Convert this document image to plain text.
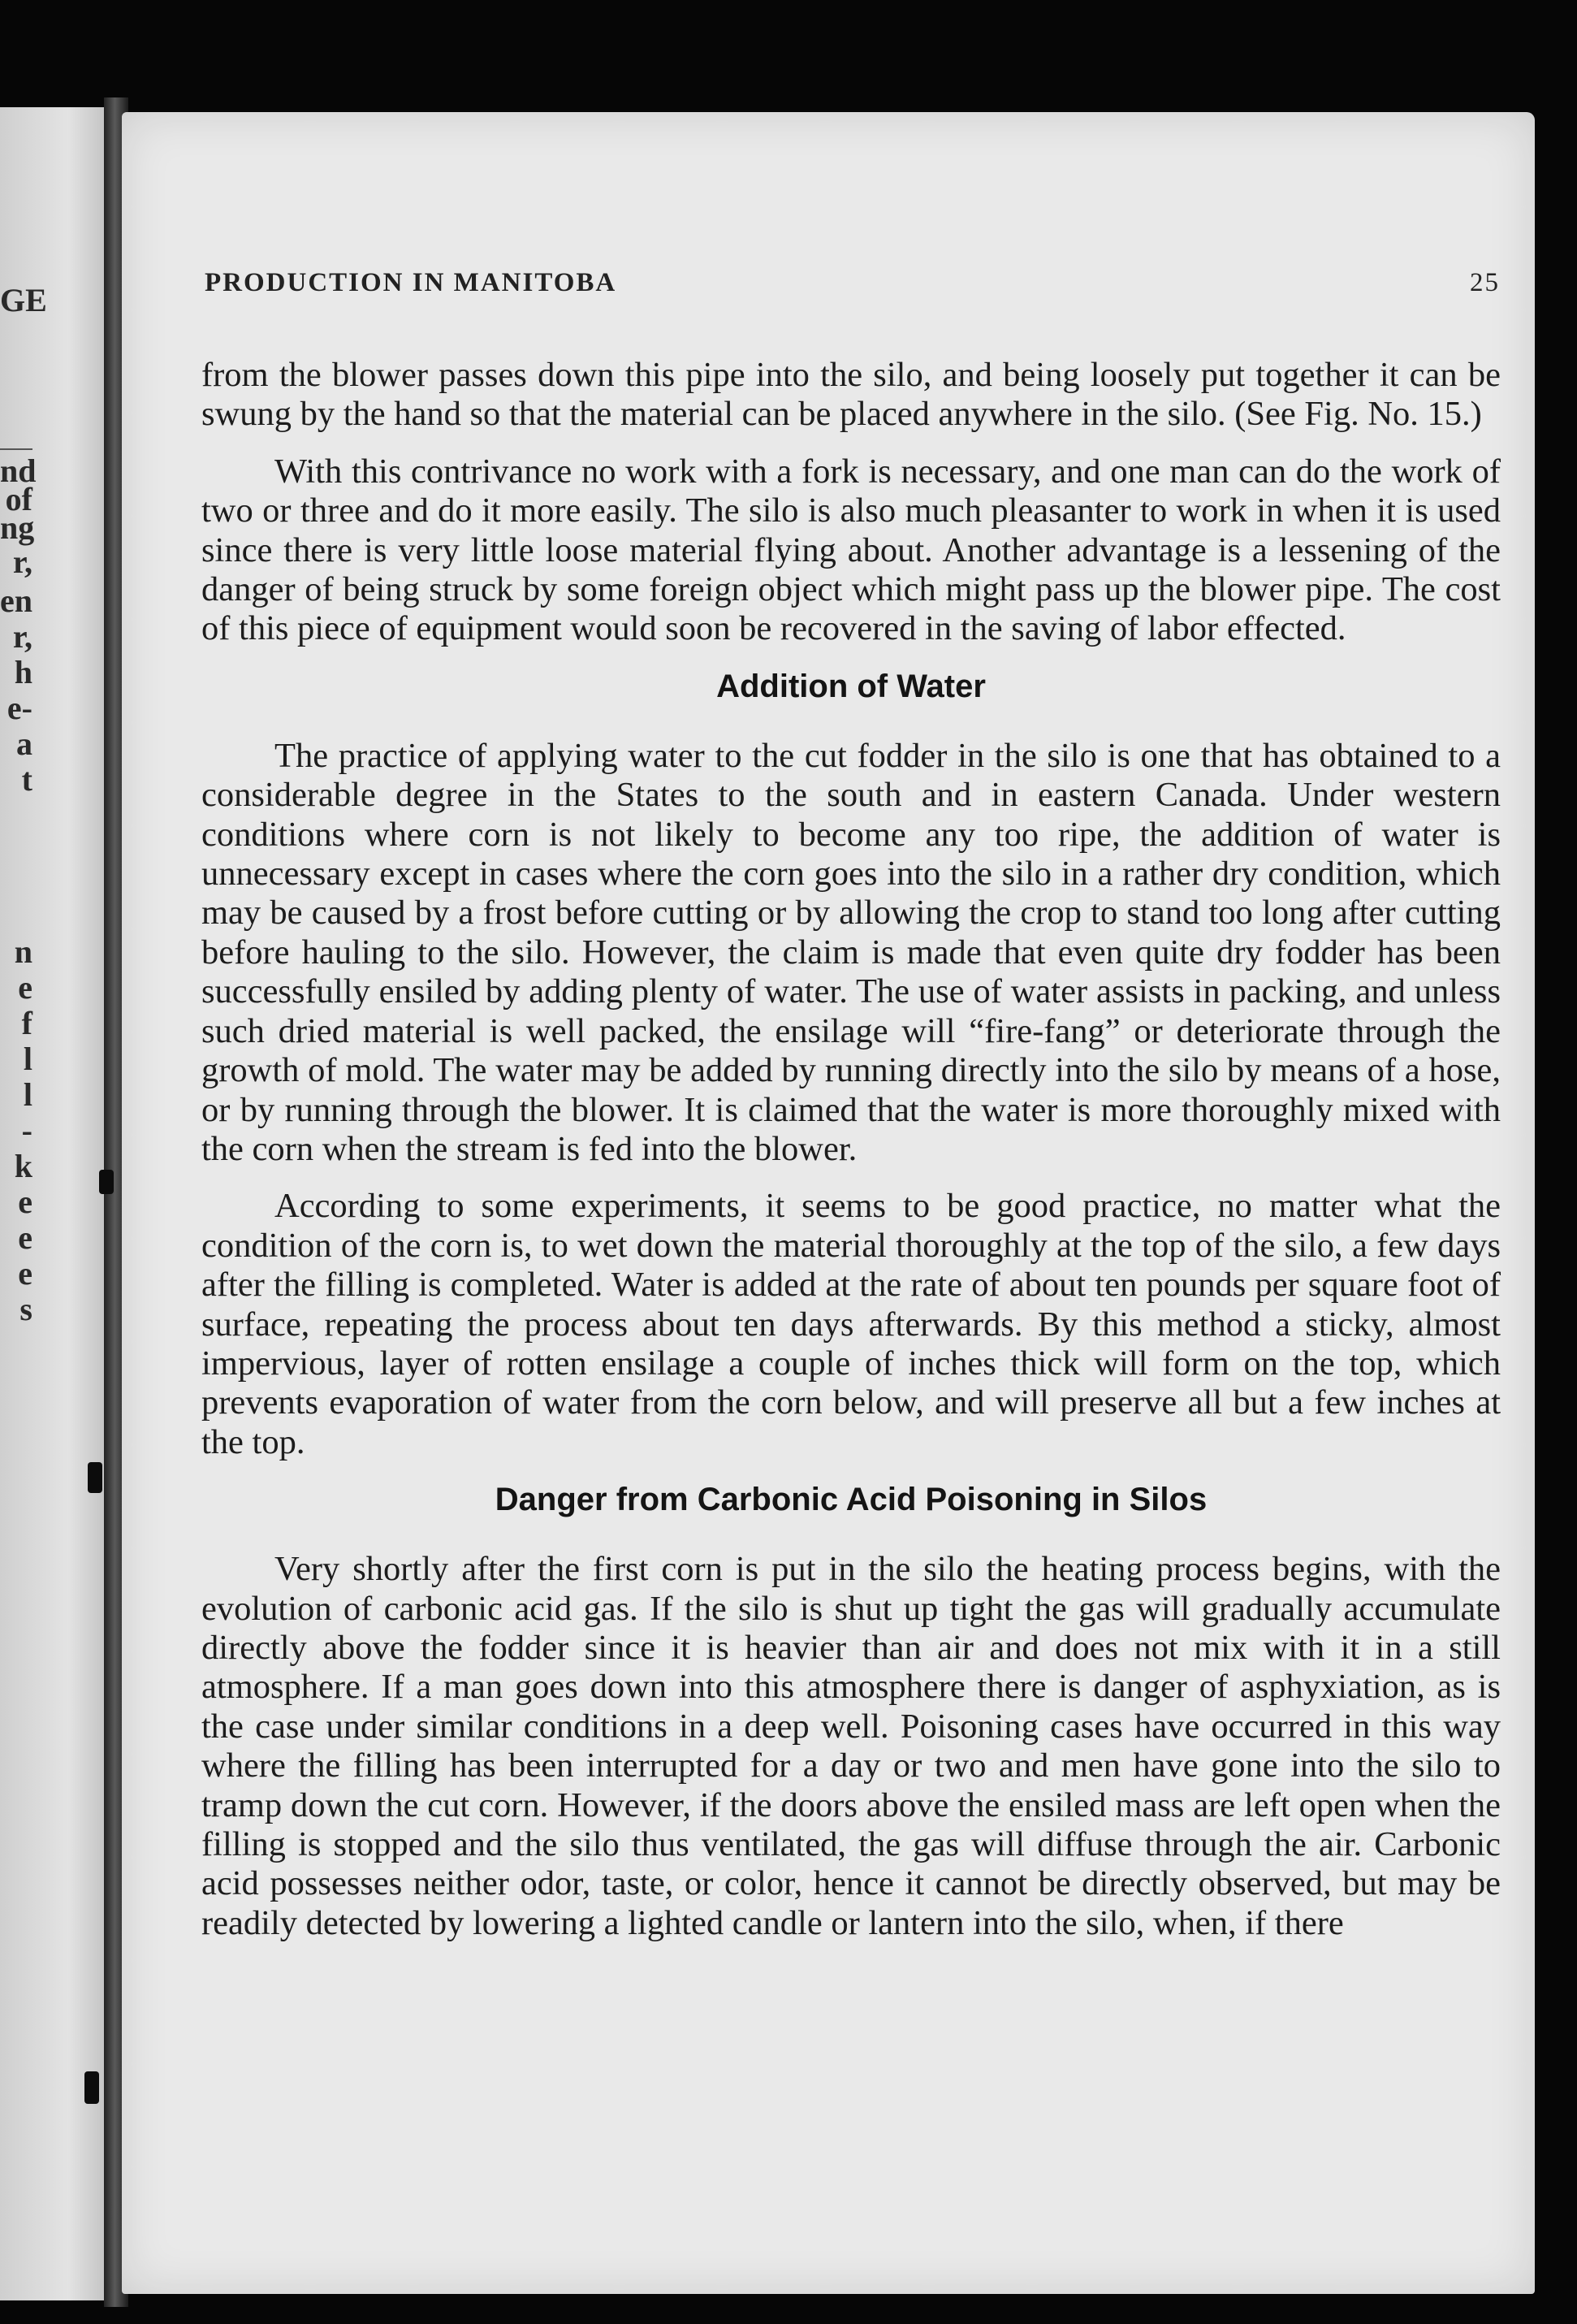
GE
nd
of
ng
r,
en
r,
h
e-
a
t
n
e
f
l
l
-
k
e
e
e
s
PRODUCTION IN MANITOBA	25

from the blower passes down this pipe into the silo, and being loosely put together it can be swung by the hand so that the material can be placed anywhere in the silo. (See Fig. No. 15.)

With this contrivance no work with a fork is necessary, and one man can do the work of two or three and do it more easily. The silo is also much pleasanter to work in when it is used since there is very little loose material flying about. Another advantage is a lessening of the danger of being struck by some foreign object which might pass up the blower pipe. The cost of this piece of equipment would soon be recovered in the saving of labor effected.

Addition of Water

The practice of applying water to the cut fodder in the silo is one that has obtained to a considerable degree in the States to the south and in eastern Canada. Under western conditions where corn is not likely to become any too ripe, the addition of water is unnecessary except in cases where the corn goes into the silo in a rather dry condition, which may be caused by a frost before cutting or by allowing the crop to stand too long after cutting before hauling to the silo. However, the claim is made that even quite dry fodder has been successfully ensiled by adding plenty of water. The use of water assists in packing, and unless such dried material is well packed, the ensilage will “fire-fang” or deteriorate through the growth of mold. The water may be added by running directly into the silo by means of a hose, or by running through the blower. It is claimed that the water is more thoroughly mixed with the corn when the stream is fed into the blower.

According to some experiments, it seems to be good practice, no matter what the condition of the corn is, to wet down the material thoroughly at the top of the silo, a few days after the filling is completed. Water is added at the rate of about ten pounds per square foot of surface, repeating the process about ten days afterwards. By this method a sticky, almost impervious, layer of rotten ensilage a couple of inches thick will form on the top, which prevents evaporation of water from the corn below, and will preserve all but a few inches at the top.

Danger from Carbonic Acid Poisoning in Silos

Very shortly after the first corn is put in the silo the heating process begins, with the evolution of carbonic acid gas. If the silo is shut up tight the gas will gradually accumulate directly above the fodder since it is heavier than air and does not mix with it in a still atmosphere. If a man goes down into this atmosphere there is danger of asphyxiation, as is the case under similar conditions in a deep well. Poisoning cases have occurred in this way where the filling has been interrupted for a day or two and men have gone into the silo to tramp down the cut corn. However, if the doors above the ensiled mass are left open when the filling is stopped and the silo thus ventilated, the gas will diffuse through the air. Carbonic acid possesses neither odor, taste, or color, hence it cannot be directly observed, but may be readily detected by lowering a lighted candle or lantern into the silo, when, if there
